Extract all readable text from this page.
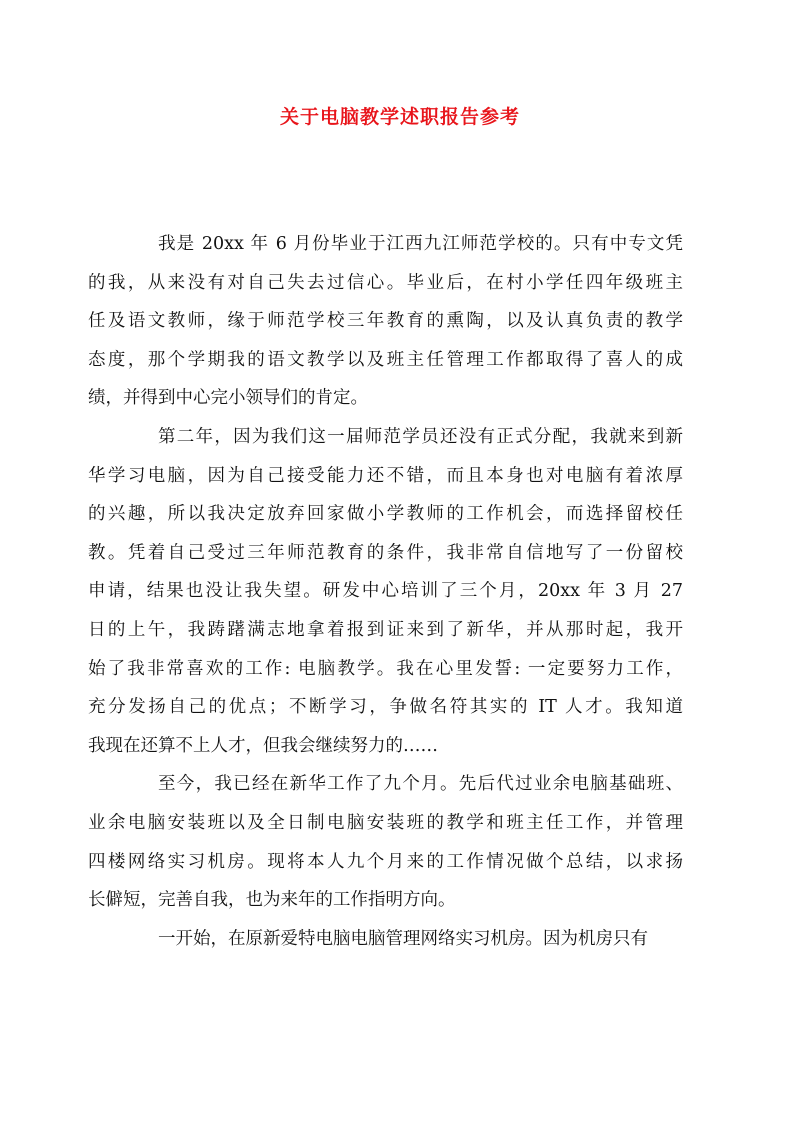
关于电脑教学述职报告参考
我是 20xx 年 6 月份毕业于江西九江师范学校的。只有中专文凭
的我，从来没有对自己失去过信心。毕业后，在村小学任四年级班主
任及语文教师，缘于师范学校三年教育的熏陶，以及认真负责的教学
态度，那个学期我的语文教学以及班主任管理工作都取得了喜人的成
绩，并得到中心完小领导们的肯定。
第二年，因为我们这一届师范学员还没有正式分配，我就来到新
华学习电脑，因为自己接受能力还不错，而且本身也对电脑有着浓厚
的兴趣，所以我决定放弃回家做小学教师的工作机会，而选择留校任
教。凭着自己受过三年师范教育的条件，我非常自信地写了一份留校
申请，结果也没让我失望。研发中心培训了三个月，20xx 年 3 月 27
日的上午，我踌躇满志地拿着报到证来到了新华，并从那时起，我开
始了我非常喜欢的工作: 电脑教学。我在心里发誓: 一定要努力工作，
充分发扬自己的优点；不断学习，争做名符其实的 IT 人才。我知道
我现在还算不上人才，但我会继续努力的……
至今，我已经在新华工作了九个月。先后代过业余电脑基础班、
业余电脑安装班以及全日制电脑安装班的教学和班主任工作，并管理
四楼网络实习机房。现将本人九个月来的工作情况做个总结，以求扬
长僻短，完善自我，也为来年的工作指明方向。
一开始，在原新爱特电脑电脑管理网络实习机房。因为机房只有
